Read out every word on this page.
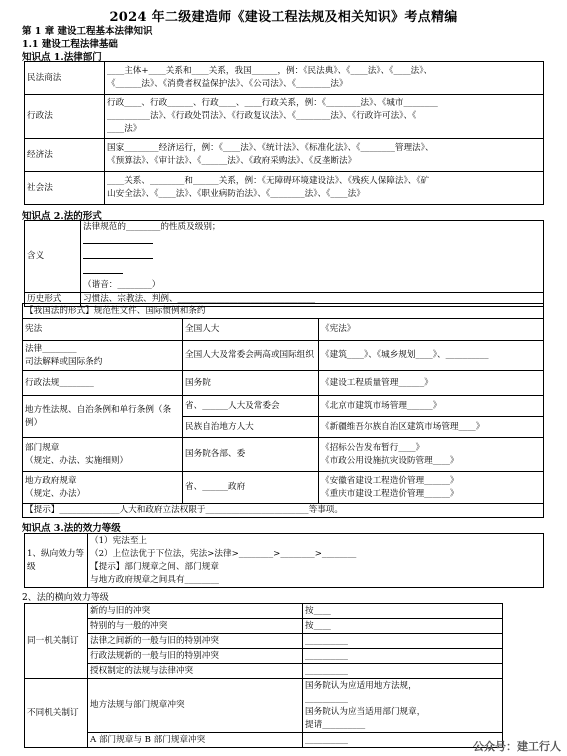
2024 年二级建造师《建设工程法规及相关知识》考点精编
第 1 章 建设工程基本法律知识
1.1 建设工程法律基础
知识点 1.法律部门
民法商法	____主体+____关系和____关系，我国______，例：《民法典》、《____法》、《____法》、
《______法》、《消费者权益保护法》、《公司法》、《________法》

行政法	行政____、行政______、行政____、____行政关系，例：《________法》、《城市________
__________法》、《行政处罚法》、《行政复议法》、《________法》、《行政许可法》、《
____法》

经济法	国家________经济运行，例：《____法》、《统计法》、《标准化法》、《________管理法》、
《预算法》、《审计法》、《______法》、《政府采购法》、《反垄断法》

社会法	____关系、________和______关系，例：《无障碍环境建设法》、《残疾人保障法》、《矿
山安全法》、《____法》、《职业病防治法》、《________法》、《____法》
知识点 2.法的形式
含义	法律规范的________的性质及级别；
（谐音：________）

历史形式	习惯法、宗教法、判例、________________________________
【我国法的形式】规范性文件、国际惯例和条约		
宪法	全国人大	《宪法》
法律________
司法解释或国际条约	全国人大及常委会两高或国际组织	《建筑____》、《城乡规划____》、__________
行政法规________	国务院	《建设工程质量管理______》
地方性法规、自治条例和单行条例（条例）	省、______人大及常委会	《北京市建筑市场管理______》
	民族自治地方人大	《新疆维吾尔族自治区建筑市场管理____》
部门规章
（规定、办法、实施细则）	国务院各部、委	《招标公告发布暂行____》
《市政公用设施抗灾设防管理____》

地方政府规章
（规定、办法）	省、______政府	《安徽省建设工程造价管理______》
《重庆市建设工程造价管理______》

【提示】______________人大和政府立法权限于________________________等事项。		
知识点 3.法的效力等级
1、纵向效力等级	
（1）宪法至上
（2）上位法优于下位法，宪法>法律>________>________>________
【提示】部门规章之间、部门规章
与地方政府规章之间具有________
2、法的横向效力等级
同一机关制订	新的与旧的冲突	按____
	特别的与一般的冲突	按____
	法律之间新的一般与旧的特别冲突	__________
	行政法规新的一般与旧的特别冲突	__________
	授权制定的法规与法律冲突	__________
不同机关制订	地方法规与部门规章冲突	国务院认为应适用地方法规，
__________
国务院认为应当适用部门规章，
提请__________

	A 部门规章与 B 部门规章冲突	__________
公众号：建工行人
